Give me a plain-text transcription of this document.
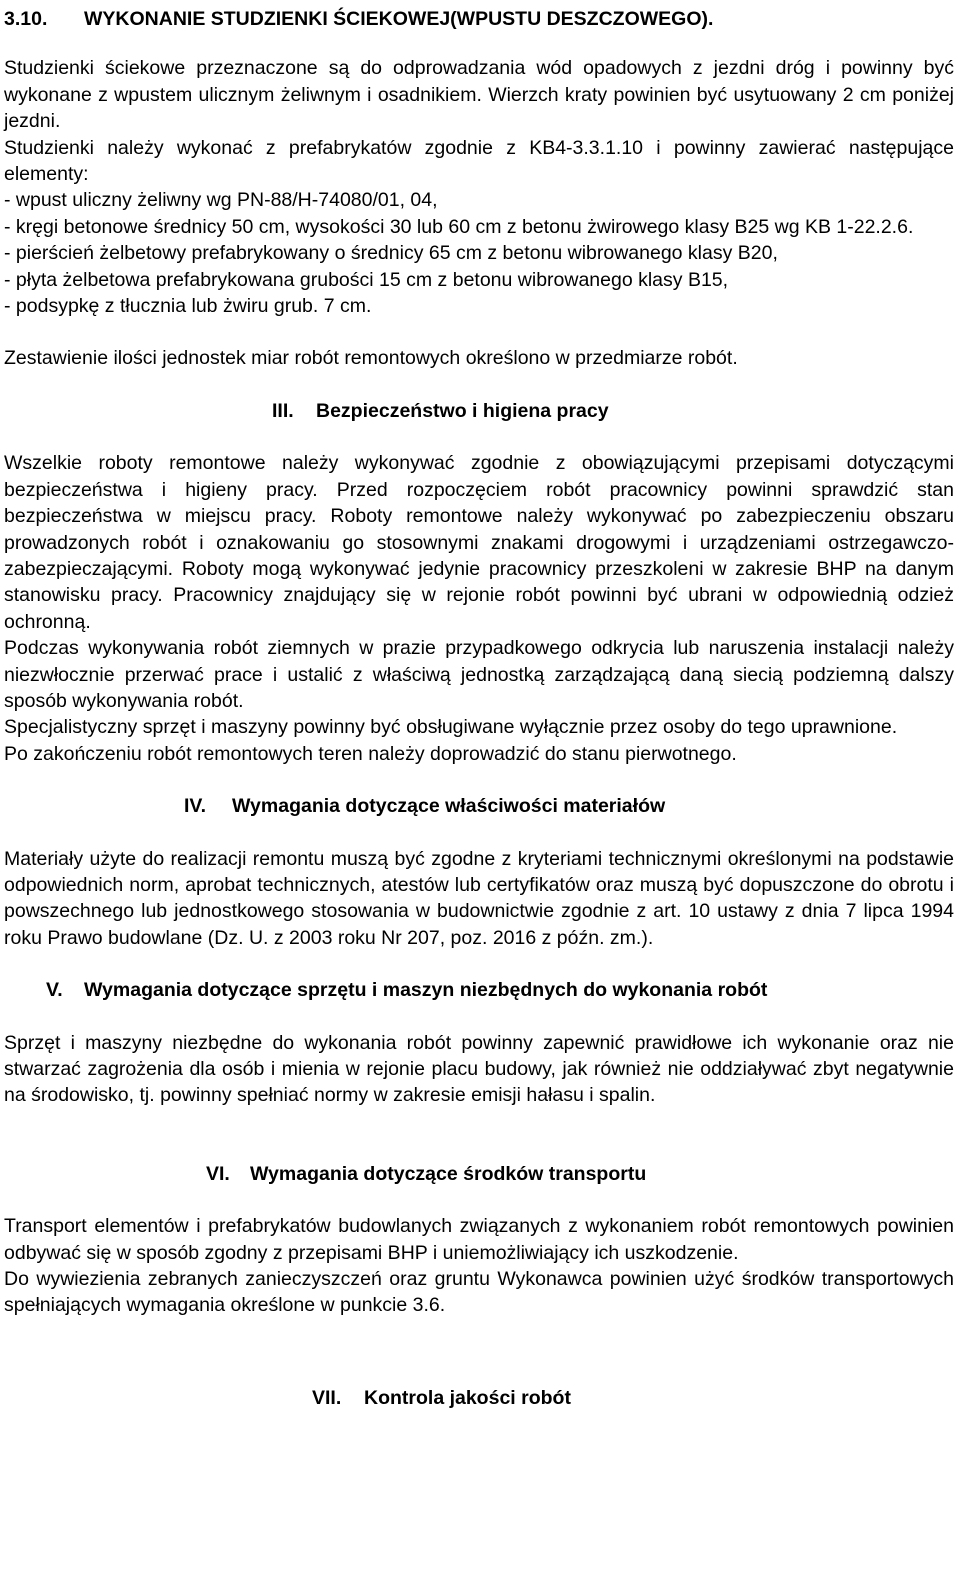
3.10. WYKONANIE STUDZIENKI ŚCIEKOWEJ(WPUSTU DESZCZOWEGO).

Studzienki ściekowe przeznaczone są do odprowadzania wód opadowych z jezdni dróg i powinny być wykonane z wpustem ulicznym żeliwnym i osadnikiem. Wierzch kraty powinien być usytuowany 2 cm poniżej jezdni.

Studzienki należy wykonać z prefabrykatów zgodnie z KB4-3.3.1.10 i powinny zawierać następujące elementy:

- wpust uliczny żeliwny wg PN-88/H-74080/01, 04,

- kręgi betonowe średnicy 50 cm, wysokości 30 lub 60 cm z betonu żwirowego klasy B25 wg KB 1-22.2.6.

- pierścień żelbetowy prefabrykowany o średnicy 65 cm z betonu wibrowanego klasy B20,

- płyta żelbetowa prefabrykowana grubości 15 cm z betonu wibrowanego klasy B15,

- podsypkę z tłucznia lub żwiru grub. 7 cm.

Zestawienie ilości jednostek miar robót remontowych określono w przedmiarze robót.

III. Bezpieczeństwo i higiena pracy

Wszelkie roboty remontowe należy wykonywać zgodnie z obowiązującymi przepisami dotyczącymi bezpieczeństwa i higieny pracy. Przed rozpoczęciem robót pracownicy powinni sprawdzić stan bezpieczeństwa w miejscu pracy. Roboty remontowe należy wykonywać po zabezpieczeniu obszaru prowadzonych robót i oznakowaniu go stosownymi znakami drogowymi i urządzeniami ostrzegawczo-zabezpieczającymi. Roboty mogą wykonywać jedynie pracownicy przeszkoleni w zakresie BHP na danym stanowisku pracy. Pracownicy znajdujący się w rejonie robót powinni być ubrani w odpowiednią odzież ochronną.

Podczas wykonywania robót ziemnych w prazie przypadkowego odkrycia lub naruszenia instalacji należy niezwłocznie przerwać prace i ustalić z właściwą jednostką zarządzającą daną siecią podziemną dalszy sposób wykonywania robót.

Specjalistyczny sprzęt i maszyny powinny być obsługiwane wyłącznie przez osoby do tego uprawnione.

Po zakończeniu robót remontowych teren należy doprowadzić do stanu pierwotnego.

IV. Wymagania dotyczące właściwości materiałów

Materiały użyte do realizacji remontu muszą być zgodne z kryteriami technicznymi określonymi na podstawie odpowiednich norm, aprobat technicznych, atestów lub certyfikatów oraz muszą być dopuszczone do obrotu i powszechnego lub jednostkowego stosowania w budownictwie zgodnie z art. 10 ustawy z dnia 7 lipca 1994 roku Prawo budowlane (Dz. U. z 2003 roku Nr 207, poz. 2016 z późn. zm.).

V. Wymagania dotyczące sprzętu i maszyn niezbędnych do wykonania robót

Sprzęt i maszyny niezbędne do wykonania robót powinny zapewnić prawidłowe ich wykonanie oraz nie stwarzać zagrożenia dla osób i mienia w rejonie placu budowy, jak również nie oddziaływać zbyt negatywnie na środowisko, tj. powinny spełniać normy w zakresie emisji hałasu i spalin.

VI. Wymagania dotyczące środków transportu

Transport elementów i prefabrykatów budowlanych związanych z wykonaniem robót remontowych powinien odbywać się w sposób zgodny z przepisami BHP i uniemożliwiający ich uszkodzenie.

Do wywiezienia zebranych zanieczyszczeń oraz gruntu Wykonawca powinien użyć środków transportowych spełniających wymagania określone w punkcie 3.6.

VII. Kontrola jakości robót
